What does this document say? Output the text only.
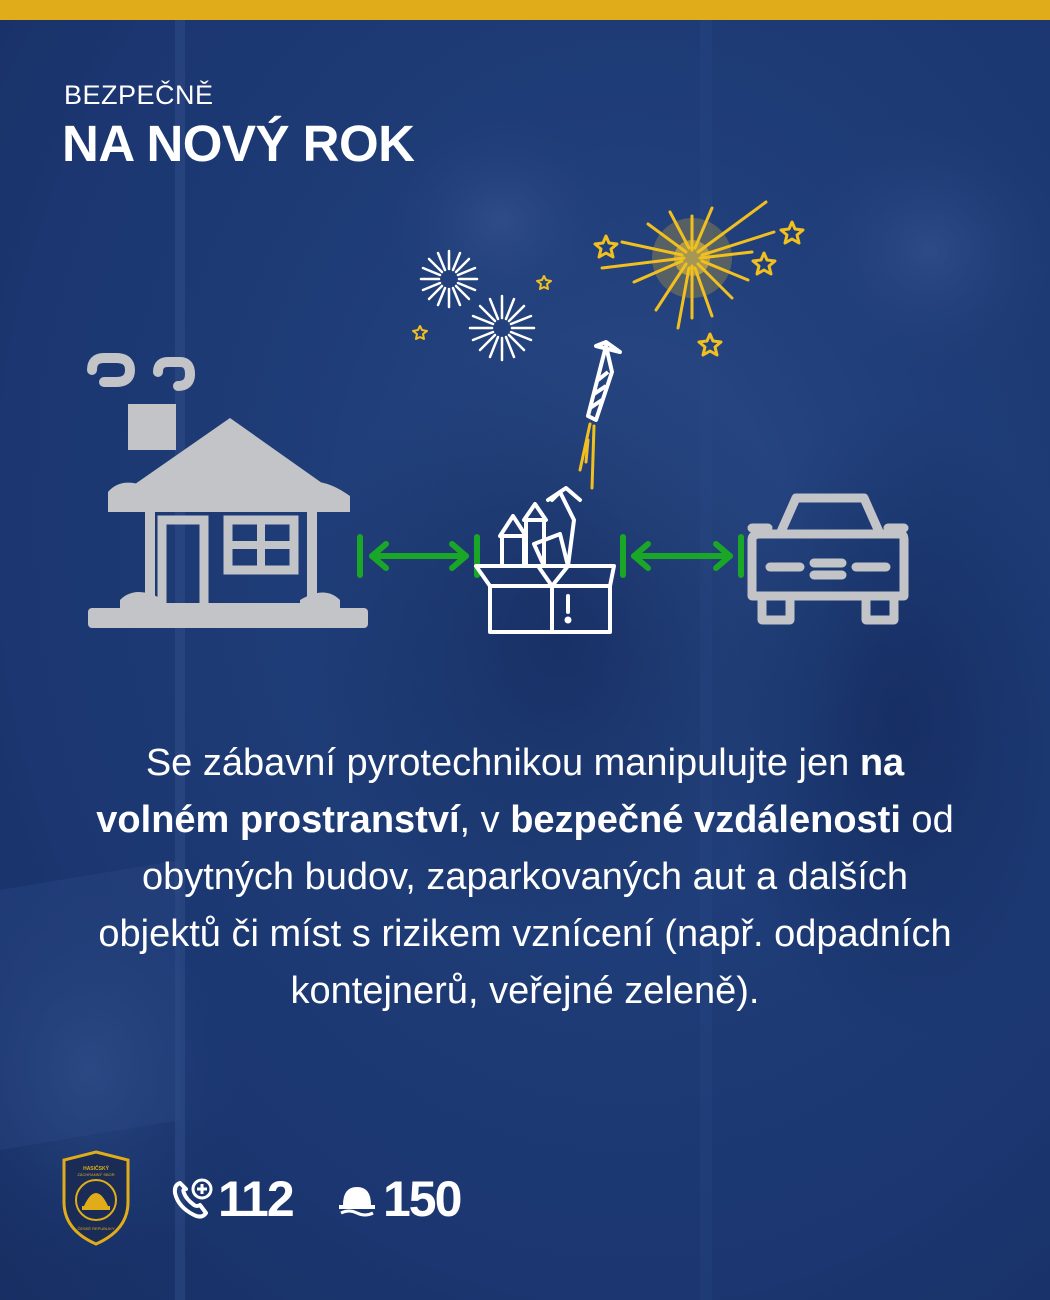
BEZPEČNĚ
NA NOVÝ ROK
Se zábavní pyrotechnikou manipulujte jen na volném prostranství, v bezpečné vzdálenosti od obytných budov, zaparkovaných aut a dalších objektů či míst s rizikem vznícení (např. odpadních kontejnerů, veřejné zeleně).
HASIČSKÝ
ZÁCHRANNÝ SBOR
ČESKÉ REPUBLIKY
112 150
